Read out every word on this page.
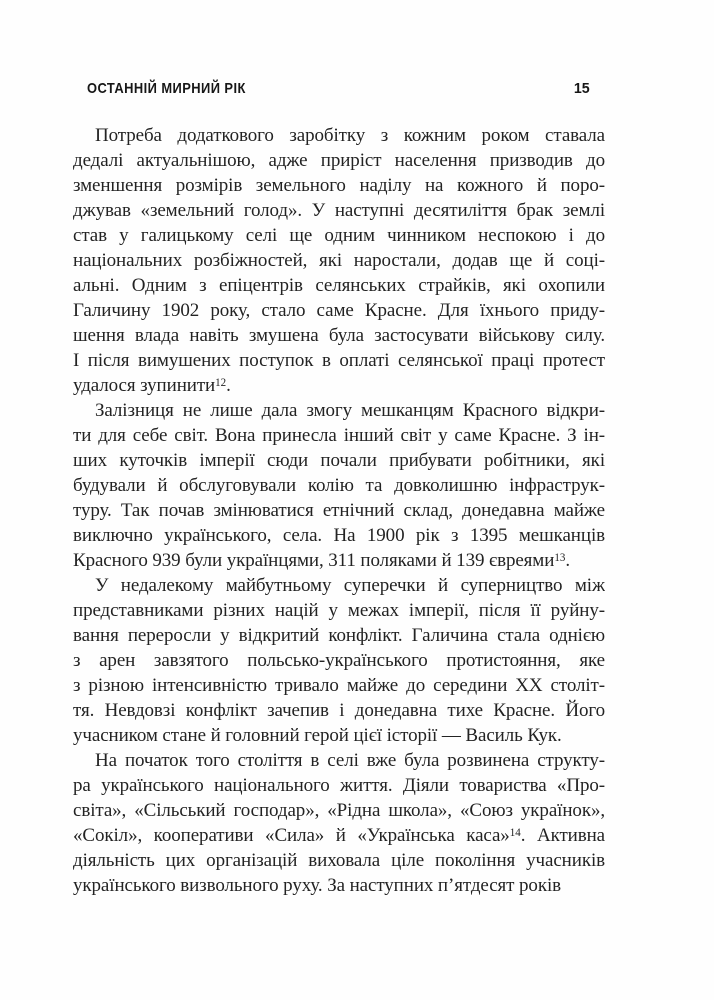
ОСТАННІЙ МИРНИЙ РІК	15
Потреба додаткового заробітку з кожним роком ставала
дедалі актуальнішою, адже приріст населення призводив до
зменшення розмірів земельного наділу на кожного й поро-
джував «земельний голод». У наступні десятиліття брак землі
став у галицькому селі ще одним чинником неспокою і до
національних розбіжностей, які наростали, додав ще й соці-
альні. Одним з епіцентрів селянських страйків, які охопили
Галичину 1902 року, стало саме Красне. Для їхнього приду-
шення влада навіть змушена була застосувати військову силу.
І після вимушених поступок в оплаті селянської праці протест
удалося зупинити$^{12}$.
Залізниця не лише дала змогу мешканцям Красного відкри-
ти для себе світ. Вона принесла інший світ у саме Красне. З ін-
ших куточків імперії сюди почали прибувати робітники, які
будували й обслуговували колію та довколишню інфраструк-
туру. Так почав змінюватися етнічний склад, донедавна майже
виключно українського, села. На 1900 рік з 1395 мешканців
Красного 939 були українцями, 311 поляками й 139 євреями$^{13}$.
У недалекому майбутньому суперечки й суперництво між
представниками різних націй у межах імперії, після її руйну-
вання переросли у відкритий конфлікт. Галичина стала однією
з арен завзятого польсько-українського протистояння, яке
з різною інтенсивністю тривало майже до середини XX століт-
тя. Невдовзі конфлікт зачепив і донедавна тихе Красне. Його
учасником стане й головний герой цієї історії — Василь Кук.
На початок того століття в селі вже була розвинена структу-
ра українського національного життя. Діяли товариства «Про-
світа», «Сільський господар», «Рідна школа», «Союз українок»,
«Сокіл», кооперативи «Сила» й «Українська каса»$^{14}$. Активна
діяльність цих організацій виховала ціле покоління учасників
українського визвольного руху. За наступних п’ятдесят років
